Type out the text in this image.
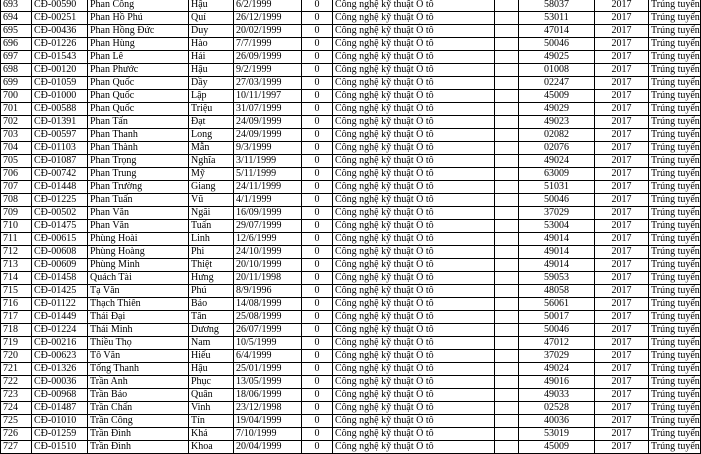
693	CĐ-00590	Phan Công	Hậu	6/2/1999	0	Công nghệ kỹ thuật Ô tô		58037	2017	Trúng tuyển
694	CĐ-00251	Phan Hồ Phú	Quí	26/12/1999	0	Công nghệ kỹ thuật Ô tô		53011	2017	Trúng tuyển
695	CĐ-00436	Phan Hồng Đức	Duy	20/02/1999	0	Công nghệ kỹ thuật Ô tô		47014	2017	Trúng tuyển
696	CĐ-01226	Phan Hùng	Hào	7/7/1999	0	Công nghệ kỹ thuật Ô tô		50046	2017	Trúng tuyển
697	CĐ-01543	Phan Lê	Hải	26/09/1999	0	Công nghệ kỹ thuật Ô tô		49025	2017	Trúng tuyển
698	CĐ-00120	Phan Phước	Hậu	9/2/1999	0	Công nghệ kỹ thuật Ô tô		01008	2017	Trúng tuyển
699	CĐ-01059	Phan Quốc	Dầy	27/03/1999	0	Công nghệ kỹ thuật Ô tô		02247	2017	Trúng tuyển
700	CĐ-01000	Phan Quốc	Lập	10/11/1997	0	Công nghệ kỹ thuật Ô tô		45009	2017	Trúng tuyển
701	CĐ-00588	Phan Quốc	Triệu	31/07/1999	0	Công nghệ kỹ thuật Ô tô		49029	2017	Trúng tuyển
702	CĐ-01391	Phan Tấn	Đạt	24/09/1999	0	Công nghệ kỹ thuật Ô tô		49023	2017	Trúng tuyển
703	CĐ-00597	Phan Thanh	Long	24/09/1999	0	Công nghệ kỹ thuật Ô tô		02082	2017	Trúng tuyển
704	CĐ-01103	Phan Thành	Mẫn	9/3/1999	0	Công nghệ kỹ thuật Ô tô		02076	2017	Trúng tuyển
705	CĐ-01087	Phan Trọng	Nghĩa	3/11/1999	0	Công nghệ kỹ thuật Ô tô		49024	2017	Trúng tuyển
706	CĐ-00742	Phan Trung	Mỹ	5/11/1999	0	Công nghệ kỹ thuật Ô tô		63009	2017	Trúng tuyển
707	CĐ-01448	Phan Trường	Giang	24/11/1999	0	Công nghệ kỹ thuật Ô tô		51031	2017	Trúng tuyển
708	CĐ-01225	Phan Tuấn	Vũ	4/1/1999	0	Công nghệ kỹ thuật Ô tô		50046	2017	Trúng tuyển
709	CĐ-00502	Phan Văn	Ngãi	16/09/1999	0	Công nghệ kỹ thuật Ô tô		37029	2017	Trúng tuyển
710	CĐ-01475	Phan Văn	Tuấn	29/07/1999	0	Công nghệ kỹ thuật Ô tô		53004	2017	Trúng tuyển
711	CĐ-00615	Phùng Hoài	Linh	12/6/1999	0	Công nghệ kỹ thuật Ô tô		49014	2017	Trúng tuyển
712	CĐ-00608	Phùng Hoàng	Phi	24/10/1999	0	Công nghệ kỹ thuật Ô tô		49014	2017	Trúng tuyển
713	CĐ-00609	Phùng Minh	Thiệt	20/10/1999	0	Công nghệ kỹ thuật Ô tô		49014	2017	Trúng tuyển
714	CĐ-01458	Quách Tài	Hưng	20/11/1998	0	Công nghệ kỹ thuật Ô tô		59053	2017	Trúng tuyển
715	CĐ-01425	Tạ Văn	Phú	8/9/1996	0	Công nghệ kỹ thuật Ô tô		48058	2017	Trúng tuyển
716	CĐ-01122	Thạch Thiên	Bảo	14/08/1999	0	Công nghệ kỹ thuật Ô tô		56061	2017	Trúng tuyển
717	CĐ-01449	Thái Đại	Tân	25/08/1999	0	Công nghệ kỹ thuật Ô tô		50017	2017	Trúng tuyển
718	CĐ-01224	Thái Minh	Dương	26/07/1999	0	Công nghệ kỹ thuật Ô tô		50046	2017	Trúng tuyển
719	CĐ-00216	Thiều Thọ	Nam	10/5/1999	0	Công nghệ kỹ thuật Ô tô		47012	2017	Trúng tuyển
720	CĐ-00623	Tô Văn	Hiếu	6/4/1999	0	Công nghệ kỹ thuật Ô tô		37029	2017	Trúng tuyển
721	CĐ-01326	Tống Thanh	Hậu	25/01/1999	0	Công nghệ kỹ thuật Ô tô		49024	2017	Trúng tuyển
722	CĐ-00036	Trần Anh	Phục	13/05/1999	0	Công nghệ kỹ thuật Ô tô		49016	2017	Trúng tuyển
723	CĐ-00968	Trần Bảo	Quân	18/06/1999	0	Công nghệ kỹ thuật Ô tô		49033	2017	Trúng tuyển
724	CĐ-01487	Trần Chấn	Vinh	23/12/1998	0	Công nghệ kỹ thuật Ô tô		02528	2017	Trúng tuyển
725	CĐ-01010	Trần Công	Tín	19/04/1999	0	Công nghệ kỹ thuật Ô tô		40036	2017	Trúng tuyển
726	CĐ-01259	Trần Đình	Khá	7/10/1999	0	Công nghệ kỹ thuật Ô tô		53019	2017	Trúng tuyển
727	CĐ-01510	Trần Đình	Khoa	20/04/1999	0	Công nghệ kỹ thuật Ô tô		45009	2017	Trúng tuyển
